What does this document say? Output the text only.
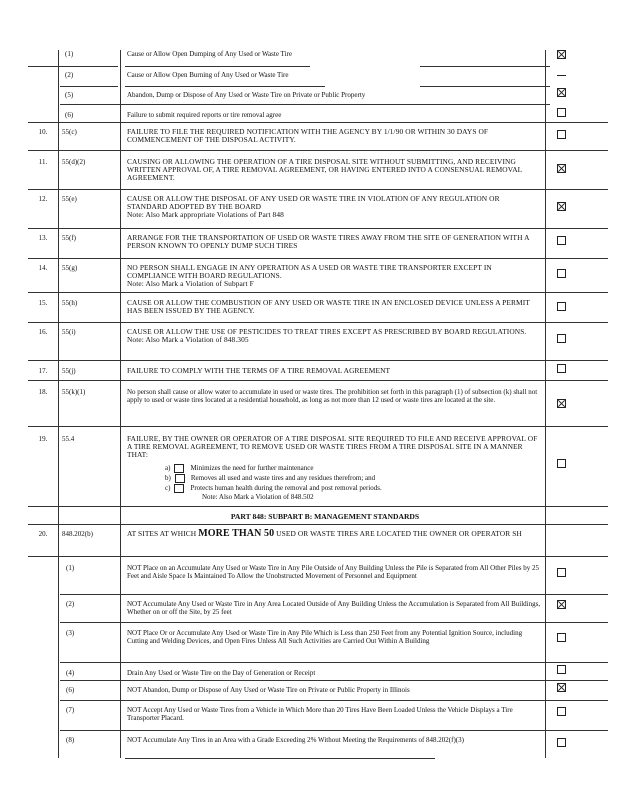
(1)	Cause or Allow Open Dumping of Any Used or Waste Tire
(2)	Cause or Allow Open Burning of Any Used or Waste Tire
(5)	Abandon, Dump or Dispose of Any Used or Waste Tire on Private or Public Property
(6)	Failure to submit required reports or tire removal agree
10.	55(c)	FAILURE TO FILE THE REQUIRED NOTIFICATION WITH THE AGENCY BY 1/1/90 OR WITHIN 30 DAYS OF COMMENCEMENT OF THE DISPOSAL ACTIVITY.
11.	55(d)(2)	CAUSING OR ALLOWING THE OPERATION OF A TIRE DISPOSAL SITE WITHOUT SUBMITTING, AND RECEIVING WRITTEN APPROVAL OF, A TIRE REMOVAL AGREEMENT, OR HAVING ENTERED INTO A CONSENSUAL REMOVAL AGREEMENT.
12.	55(e)	CAUSE OR ALLOW THE DISPOSAL OF ANY USED OR WASTE TIRE IN VIOLATION OF ANY REGULATION OR STANDARD ADOPTED BY THE BOARD
Note: Also Mark appropriate Violations of Part 848
13.	55(f)	ARRANGE FOR THE TRANSPORTATION OF USED OR WASTE TIRES AWAY FROM THE SITE OF GENERATION WITH A PERSON KNOWN TO OPENLY DUMP SUCH TIRES
14.	55(g)	NO PERSON SHALL ENGAGE IN ANY OPERATION AS A USED OR WASTE TIRE TRANSPORTER EXCEPT IN COMPLIANCE WITH BOARD REGULATIONS.
Note: Also Mark a Violation of Subpart F
15.	55(h)	CAUSE OR ALLOW THE COMBUSTION OF ANY USED OR WASTE TIRE IN AN ENCLOSED DEVICE UNLESS A PERMIT HAS BEEN ISSUED BY THE AGENCY.
16.	55(i)	CAUSE OR ALLOW THE USE OF PESTICIDES TO TREAT TIRES EXCEPT AS PRESCRIBED BY BOARD REGULATIONS.
Note: Also Mark a Violation of 848.305
17.	55(j)	FAILURE TO COMPLY WITH THE TERMS OF A TIRE REMOVAL AGREEMENT
18.	55(k)(1)	No person shall cause or allow water to accumulate in used or waste tires. The prohibition set forth in this paragraph (1) of subsection (k) shall not apply to used or waste tires located at a residential household, as long as not more than 12 used or waste tires are located at the site.
19.	55.4	FAILURE, BY THE OWNER OR OPERATOR OF A TIRE DISPOSAL SITE REQUIRED TO FILE AND RECEIVE APPROVAL OF A TIRE REMOVAL AGREEMENT, TO REMOVE USED OR WASTE TIRES FROM A TIRE DISPOSAL SITE IN A MANNER THAT:
a)	Minimizes the need for further maintenance
b)	Removes all used and waste tires and any residues therefrom; and
c)	Protects human health during the removal and post removal periods.
Note: Also Mark a Violation of 848.502
PART 848: SUBPART B: MANAGEMENT STANDARDS
20.	848.202(b)	AT SITES AT WHICH MORE THAN 50 USED OR WASTE TIRES ARE LOCATED THE OWNER OR OPERATOR SH
(1)	NOT Place on an Accumulate Any Used or Waste Tire in Any Pile Outside of Any Building Unless the Pile is Separated from All Other Piles by 25 Feet and Aisle Space Is Maintained To Allow the Unobstructed Movement of Personnel and Equipment
(2)	NOT Accumulate Any Used or Waste Tire in Any Area Located Outside of Any Building Unless the Accumulation is Separated from All Buildings, Whether on or off the Site, by 25 feet
(3)	NOT Place Or or Accumulate Any Used or Waste Tire in Any Pile Which is Less than 250 Feet from any Potential Ignition Source, including Cutting and Welding Devices, and Open Fires Unless All Such Activities are Carried Out Within A Building
(4)	Drain Any Used or Waste Tire on the Day of Generation or Receipt
(6)	NOT Abandon, Dump or Dispose of Any Used or Waste Tire on Private or Public Property in Illinois
(7)	NOT Accept Any Used or Waste Tires from a Vehicle in Which More than 20 Tires Have Been Loaded Unless the Vehicle Displays a Tire Transporter Placard.
(8)	NOT Accumulate Any Tires in an Area with a Grade Exceeding 2% Without Meeting the Requirements of 848.202(f)(3)
